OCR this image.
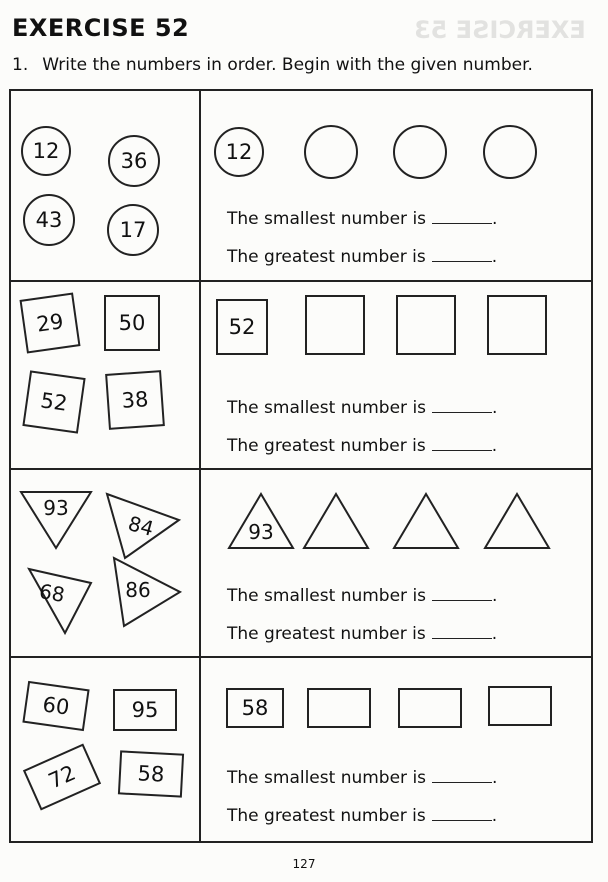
EXERCISE 53
EXERCISE 52
1. Write the numbers in order. Begin with the given number.
12	36
43	17
12
The smallest number is	.
The greatest number is	.
29	50
52 38
52
The smallest number is	.
The greatest number is	.
93
84
68	86
93
The smallest number is	.
The greatest number is	.
60	95
72	58
58
The smallest number is	.
The greatest number is	.
127
